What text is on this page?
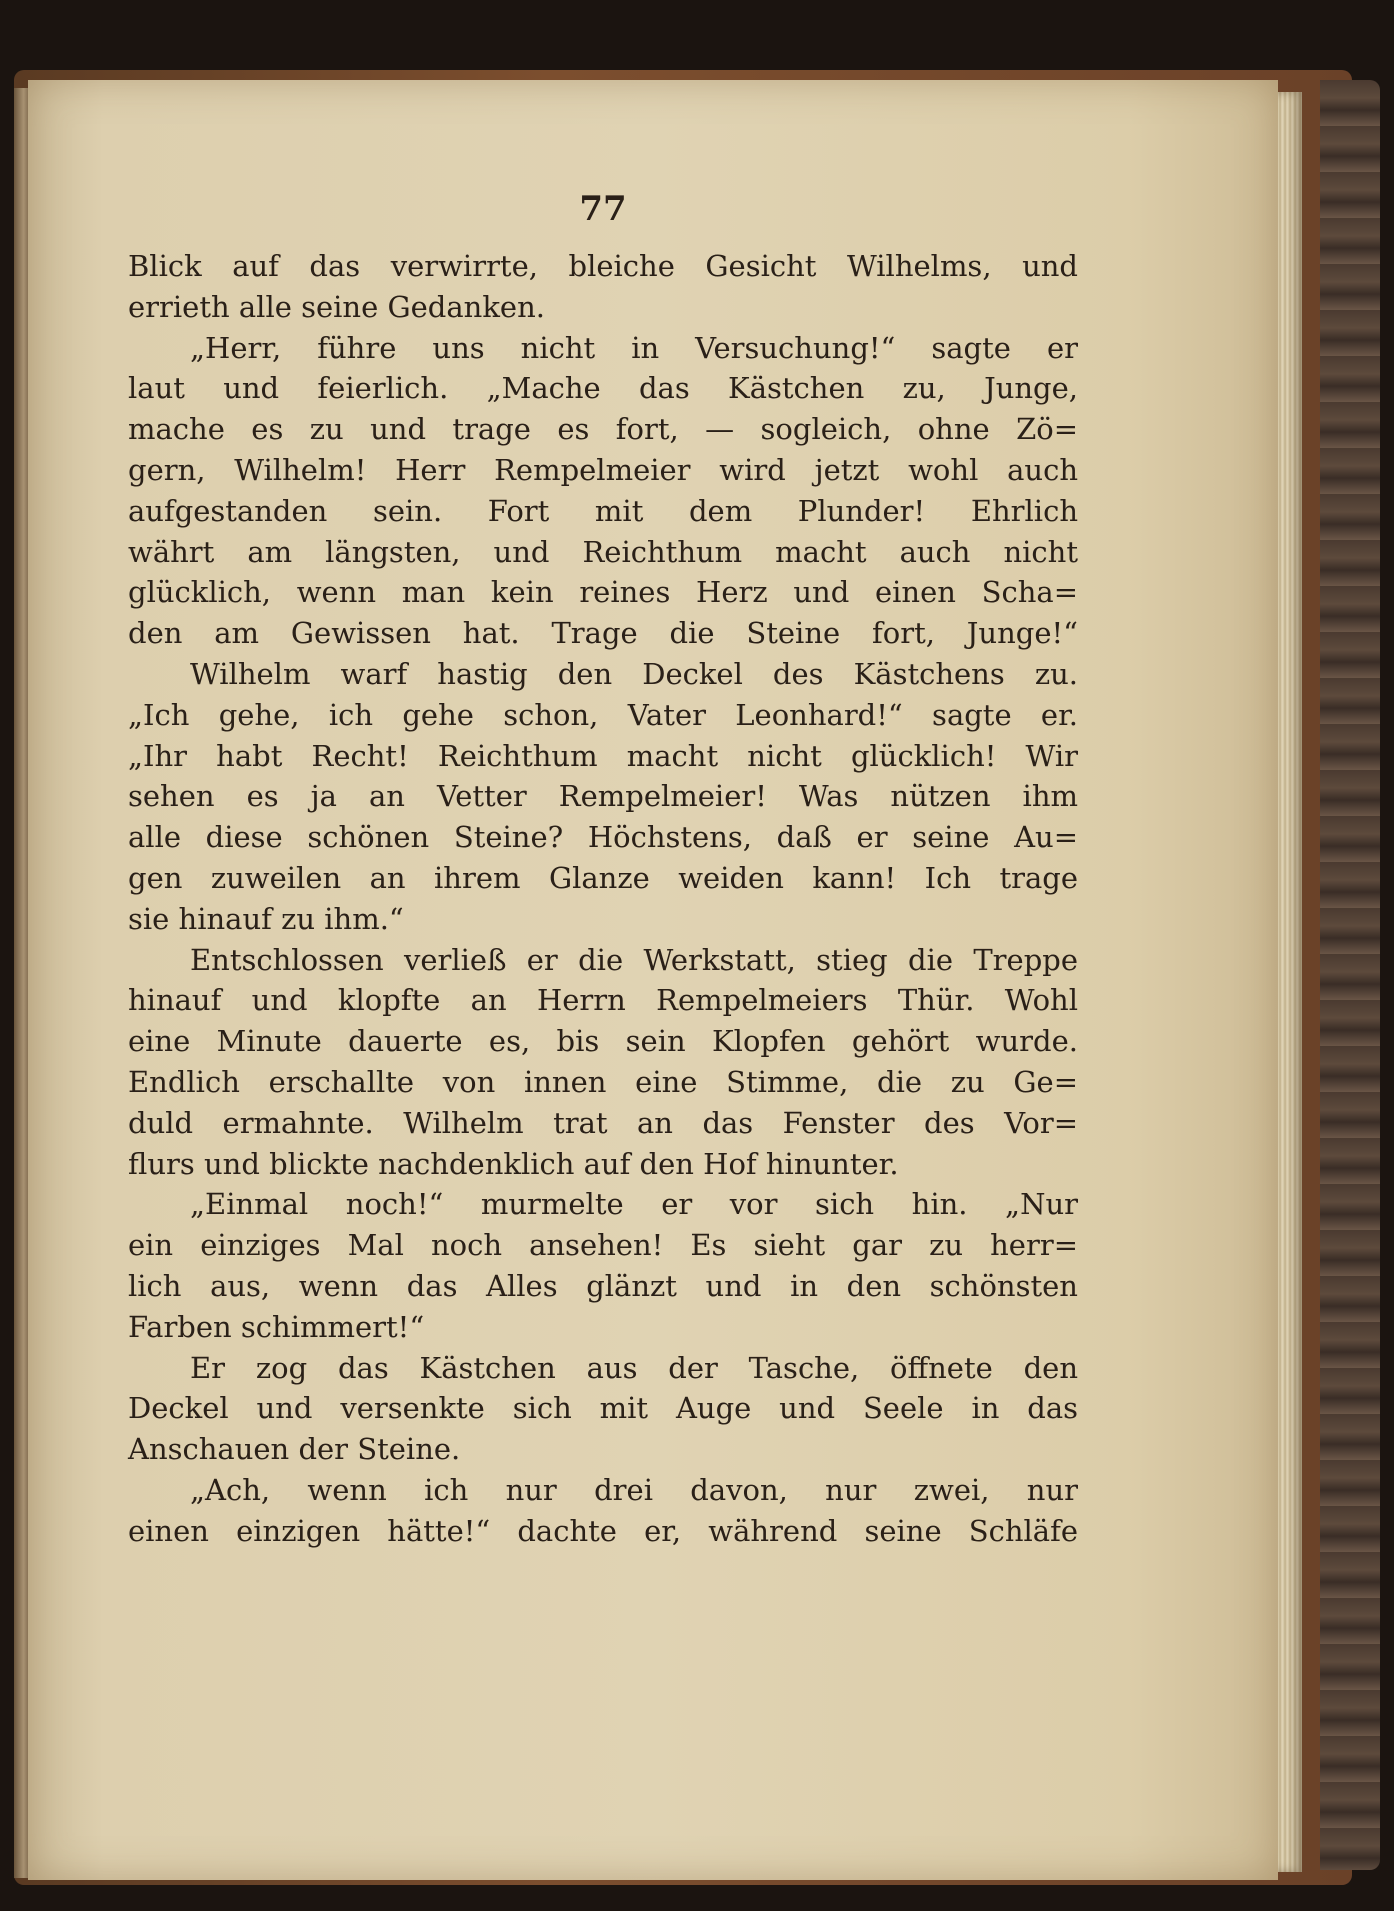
77
Blick auf das verwirrte, bleiche Gesicht Wilhelms, und
errieth alle seine Gedanken.
„Herr, führe uns nicht in Versuchung!“ sagte er
laut und feierlich. „Mache das Kästchen zu, Junge,
mache es zu und trage es fort, — sogleich, ohne Zö=
gern, Wilhelm! Herr Rempelmeier wird jetzt wohl auch
aufgestanden sein. Fort mit dem Plunder! Ehrlich
währt am längsten, und Reichthum macht auch nicht
glücklich, wenn man kein reines Herz und einen Scha=
den am Gewissen hat. Trage die Steine fort, Junge!“
Wilhelm warf hastig den Deckel des Kästchens zu.
„Ich gehe, ich gehe schon, Vater Leonhard!“ sagte er.
„Ihr habt Recht! Reichthum macht nicht glücklich! Wir
sehen es ja an Vetter Rempelmeier! Was nützen ihm
alle diese schönen Steine? Höchstens, daß er seine Au=
gen zuweilen an ihrem Glanze weiden kann! Ich trage
sie hinauf zu ihm.“
Entschlossen verließ er die Werkstatt, stieg die Treppe
hinauf und klopfte an Herrn Rempelmeiers Thür. Wohl
eine Minute dauerte es, bis sein Klopfen gehört wurde.
Endlich erschallte von innen eine Stimme, die zu Ge=
duld ermahnte. Wilhelm trat an das Fenster des Vor=
flurs und blickte nachdenklich auf den Hof hinunter.
„Einmal noch!“ murmelte er vor sich hin. „Nur
ein einziges Mal noch ansehen! Es sieht gar zu herr=
lich aus, wenn das Alles glänzt und in den schönsten
Farben schimmert!“
Er zog das Kästchen aus der Tasche, öffnete den
Deckel und versenkte sich mit Auge und Seele in das
Anschauen der Steine.
„Ach, wenn ich nur drei davon, nur zwei, nur
einen einzigen hätte!“ dachte er, während seine Schläfe
